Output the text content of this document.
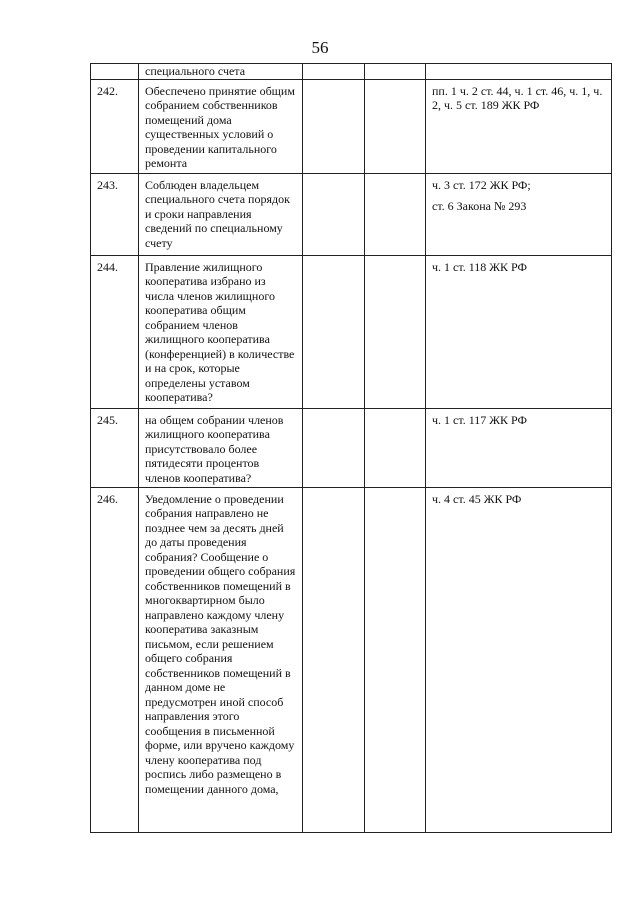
56
	специального счета			
242.	Обеспечено принятие общим собранием собственников помещений дома существенных условий о проведении капитального ремонта			пп. 1 ч. 2 ст. 44, ч. 1 ст. 46, ч. 1, ч. 2, ч. 5 ст. 189 ЖК РФ

243.	Соблюден владельцем специального счета порядок и сроки направления сведений по специальному счету			ч. 3 ст. 172 ЖК РФ;
ст. 6 Закона № 293

244.	Правление жилищного кооператива избрано из числа членов жилищного кооператива общим собранием членов жилищного кооператива (конференцией) в количестве и на срок, которые определены уставом кооператива?			ч. 1 ст. 118 ЖК РФ

245.	на общем собрании членов жилищного кооператива присутствовало более пятидесяти процентов членов кооператива?			ч. 1 ст. 117 ЖК РФ

246.	Уведомление о проведении собрания направлено не позднее чем за десять дней до даты проведения собрания? Сообщение о проведении общего собрания собственников помещений в многоквартирном было направлено каждому члену кооператива заказным письмом, если решением общего собрания собственников помещений в данном доме не предусмотрен иной способ направления этого сообщения в письменной форме, или вручено каждому члену кооператива под роспись либо размещено в помещении данного дома,			ч. 4 ст. 45 ЖК РФ
